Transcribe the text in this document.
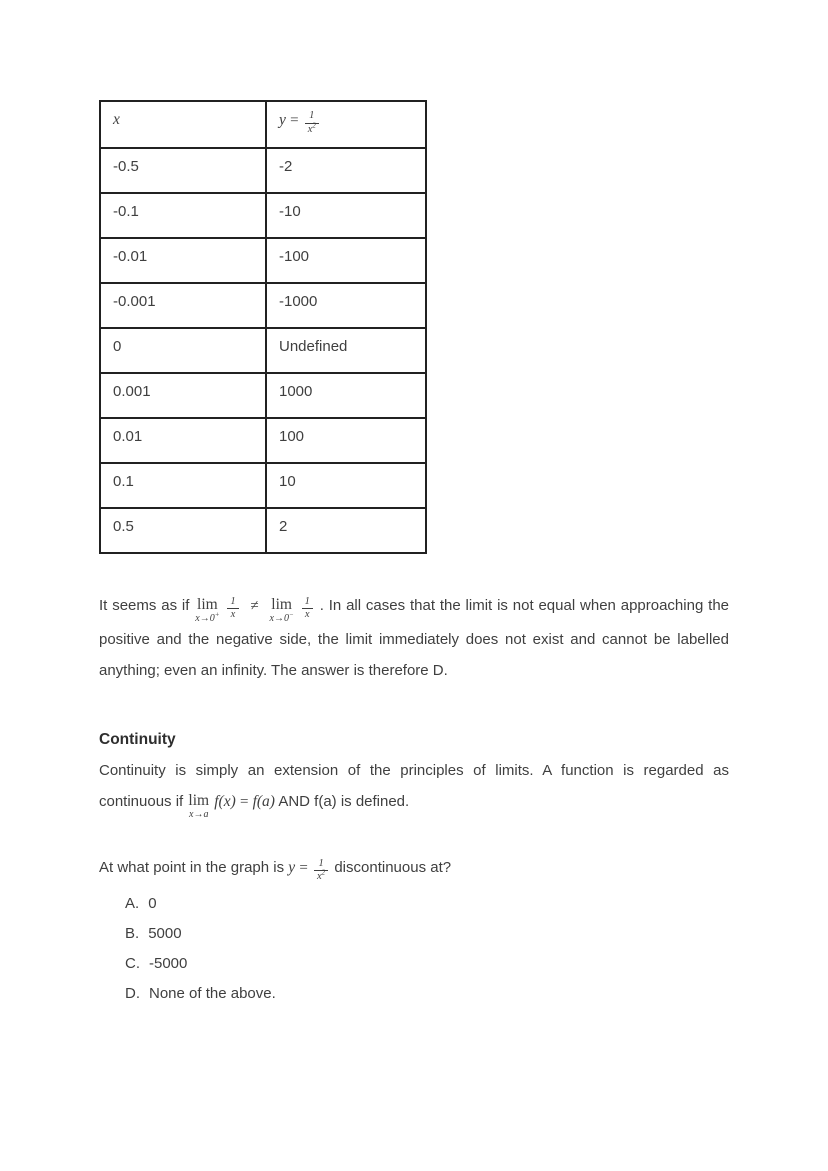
x	$y = \frac{1}{x^2}$

-0.5	-2
-0.1	-10
-0.01	-100
-0.001	-1000
0	Undefined
0.001	1000
0.01	100
0.1	10
0.5	2
It seems as if lim
x→0+
$\frac{1}{x} \ne \lim$
x→0−
$\frac{1}{x}$ . In all cases that the limit is not equal when approaching the positive and the negative side, the limit immediately does not exist and cannot be labelled anything; even an infinity. The answer is therefore D.
Continuity
Continuity is simply an extension of the principles of limits. A function is regarded as continuous if lim
x→a
f(x) = f(a) AND f(a) is defined.
At what point in the graph is $y = \frac{1}{x^2}$ discontinuous at?
A. 0
B. 5000
C. -5000
D. None of the above.
